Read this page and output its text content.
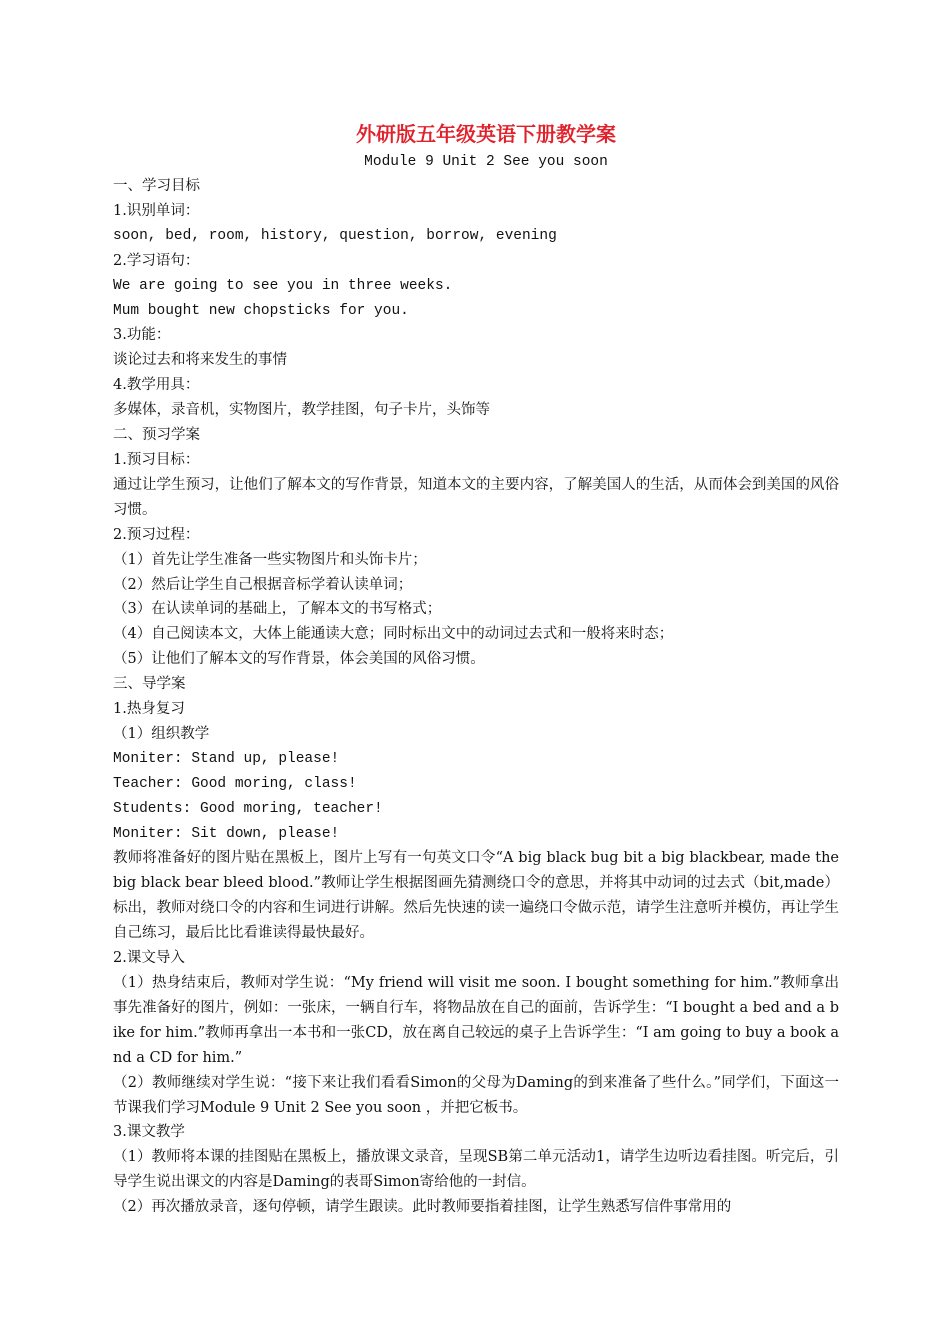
外研版五年级英语下册教学案
Module 9 Unit 2 See you soon

一、学习目标

1.识别单词：

soon, bed, room, history, question, borrow, evening

2.学习语句：

We are going to see you in three weeks.

Mum bought new chopsticks for you.

3.功能：

谈论过去和将来发生的事情

4.教学用具：

多媒体，录音机，实物图片，教学挂图，句子卡片，头饰等

二、预习学案

1.预习目标：

通过让学生预习，让他们了解本文的写作背景，知道本文的主要内容，了解美国人的生活，从而体会到美国的风俗习惯。

2.预习过程：

（1）首先让学生准备一些实物图片和头饰卡片；

（2）然后让学生自己根据音标学着认读单词；

（3）在认读单词的基础上，了解本文的书写格式；

（4）自己阅读本文，大体上能通读大意；同时标出文中的动词过去式和一般将来时态；

（5）让他们了解本文的写作背景，体会美国的风俗习惯。

三、导学案

1.热身复习

（1）组织教学

Moniter: Stand up, please!

Teacher: Good moring, class!

Students: Good moring, teacher!

Moniter: Sit down, please!

教师将准备好的图片贴在黑板上，图片上写有一句英文口令“A big black bug bit a big blackbear, made the big black bear bleed blood.”教师让学生根据图画先猜测绕口令的意思，并将其中动词的过去式（bit,made）标出，教师对绕口令的内容和生词进行讲解。然后先快速的读一遍绕口令做示范，请学生注意听并模仿，再让学生自己练习，最后比比看谁读得最快最好。

2.课文导入

（1）热身结束后，教师对学生说：“My friend will visit me soon. I bought something for him.”教师拿出事先准备好的图片，例如：一张床，一辆自行车，将物品放在自己的面前，告诉学生：“I bought a bed and a bike for him.”教师再拿出一本书和一张CD，放在离自己较远的桌子上告诉学生：“I am going to buy a book and a CD for him.”

（2）教师继续对学生说：“接下来让我们看看Simon的父母为Daming的到来准备了些什么。”同学们，下面这一节课我们学习Module 9 Unit 2 See you soon ，并把它板书。

3.课文教学

（1）教师将本课的挂图贴在黑板上，播放课文录音，呈现SB第二单元活动1，请学生边听边看挂图。听完后，引导学生说出课文的内容是Daming的表哥Simon寄给他的一封信。

（2）再次播放录音，逐句停顿，请学生跟读。此时教师要指着挂图，让学生熟悉写信件事常用的
